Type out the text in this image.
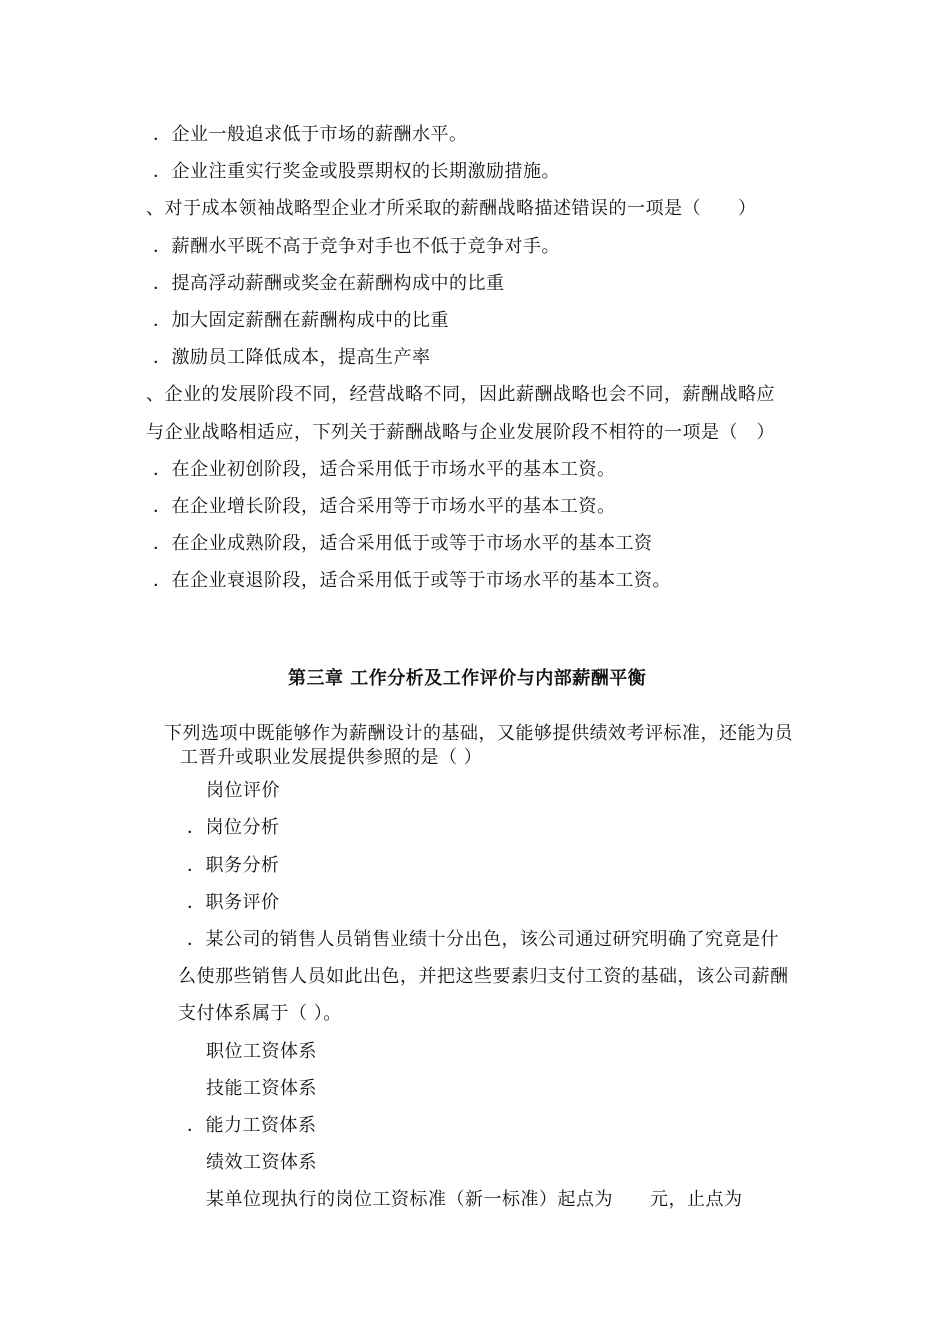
．企业一般追求低于市场的薪酬水平。
．企业注重实行奖金或股票期权的长期激励措施。
、对于成本领袖战略型企业才所采取的薪酬战略描述错误的一项是（　　）
．薪酬水平既不高于竞争对手也不低于竞争对手。
．提高浮动薪酬或奖金在薪酬构成中的比重
．加大固定薪酬在薪酬构成中的比重
．激励员工降低成本，提高生产率
、企业的发展阶段不同，经营战略不同，因此薪酬战略也会不同，薪酬战略应
与企业战略相适应，下列关于薪酬战略与企业发展阶段不相符的一项是（　）
．在企业初创阶段，适合采用低于市场水平的基本工资。
．在企业增长阶段，适合采用等于市场水平的基本工资。
．在企业成熟阶段，适合采用低于或等于市场水平的基本工资
．在企业衰退阶段，适合采用低于或等于市场水平的基本工资。
第三章 工作分析及工作评价与内部薪酬平衡
下列选项中既能够作为薪酬设计的基础，又能够提供绩效考评标准，还能为员
工晋升或职业发展提供参照的是（ ）
岗位评价
．岗位分析
．职务分析
．职务评价
．某公司的销售人员销售业绩十分出色，该公司通过研究明确了究竟是什
么使那些销售人员如此出色，并把这些要素归支付工资的基础，该公司薪酬
支付体系属于（ ）。
职位工资体系
技能工资体系
．能力工资体系
绩效工资体系
某单位现执行的岗位工资标准（新一标准）起点为　　元，止点为
